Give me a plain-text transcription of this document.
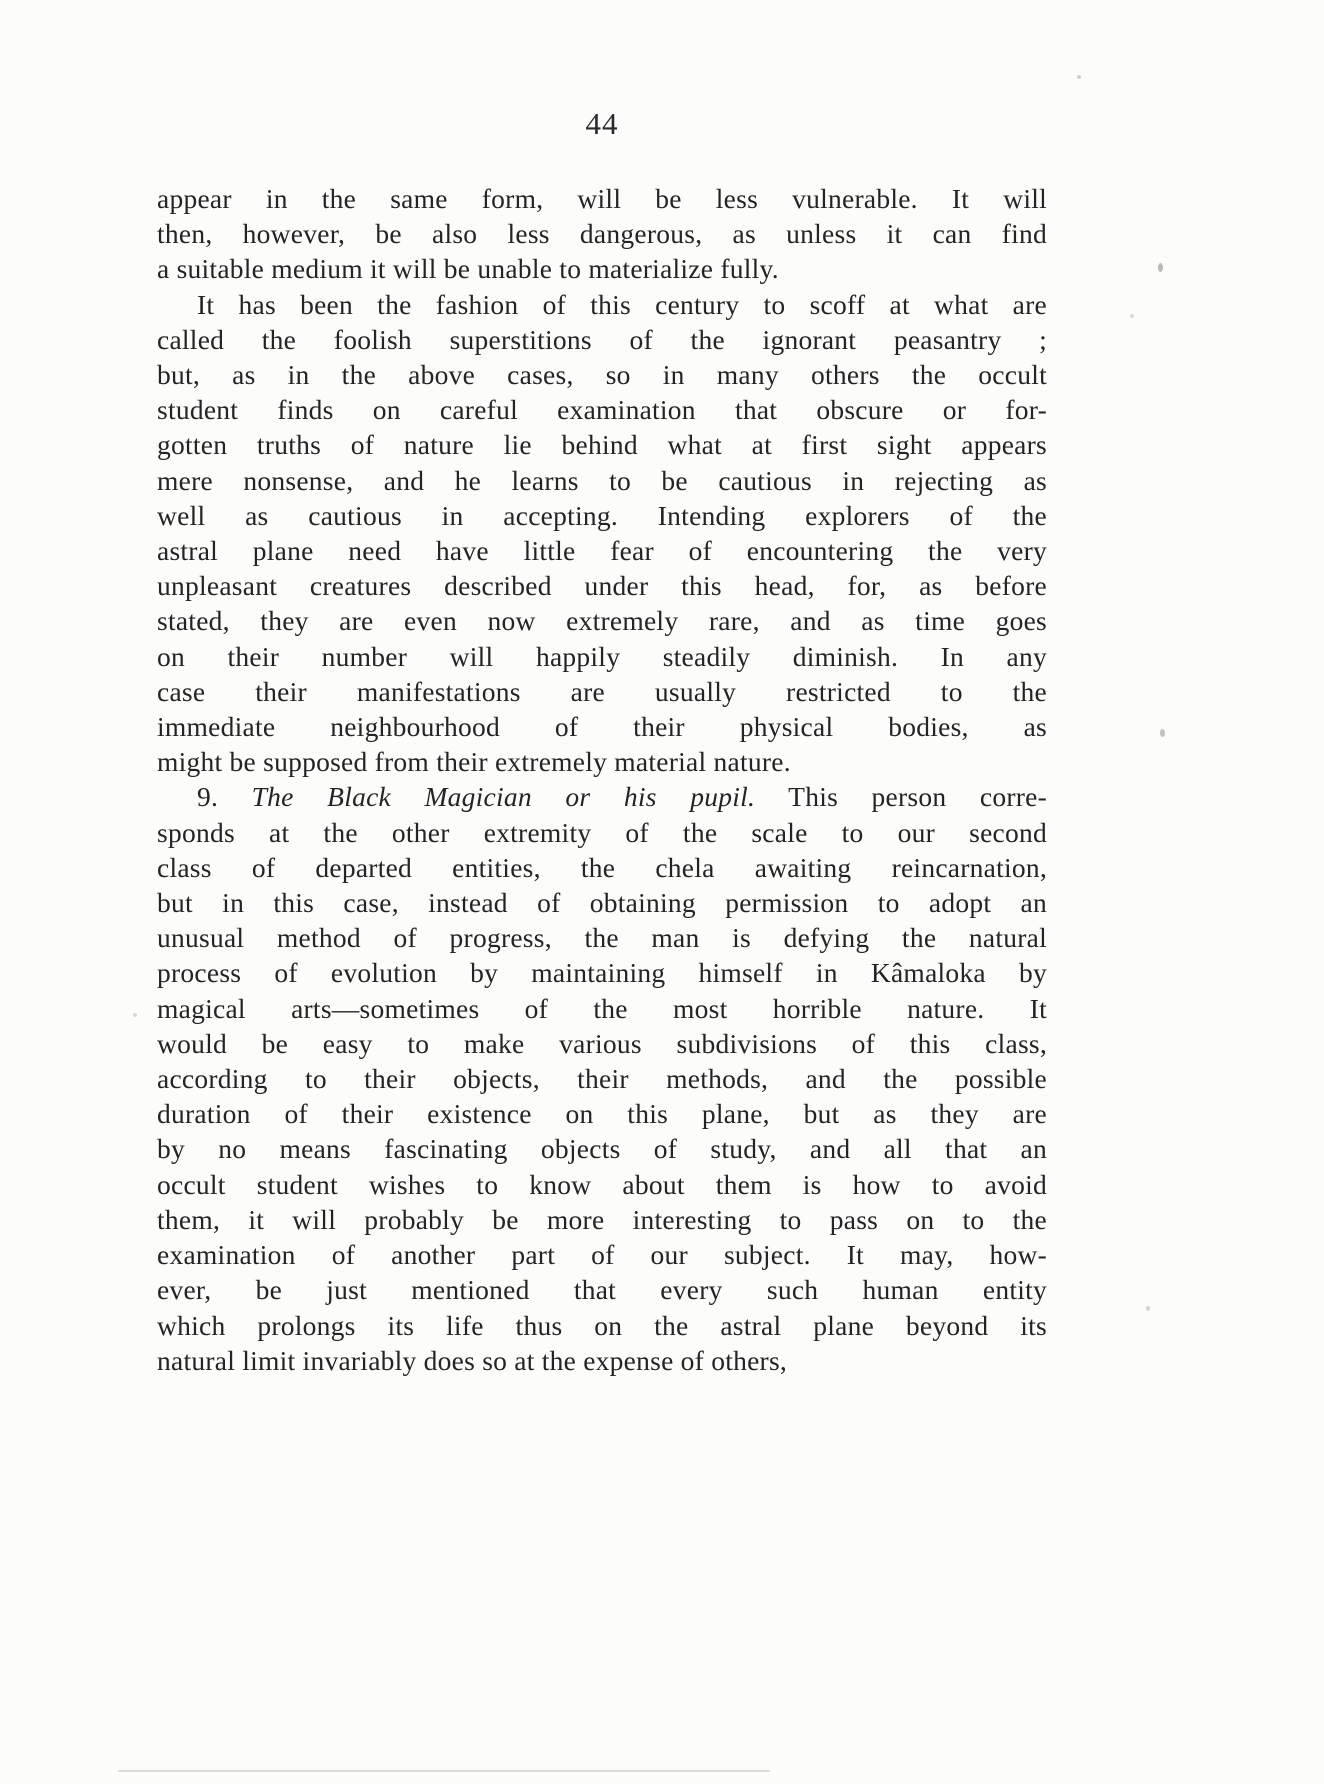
44
appear in the same form, will be less vulnerable. It will
then, however, be also less dangerous, as unless it can find
a suitable medium it will be unable to materialize fully.
It has been the fashion of this century to scoff at what are
called the foolish superstitions of the ignorant peasantry ;
but, as in the above cases, so in many others the occult
student finds on careful examination that obscure or for-
gotten truths of nature lie behind what at first sight appears
mere nonsense, and he learns to be cautious in rejecting as
well as cautious in accepting. Intending explorers of the
astral plane need have little fear of encountering the very
unpleasant creatures described under this head, for, as before
stated, they are even now extremely rare, and as time goes
on their number will happily steadily diminish. In any
case their manifestations are usually restricted to the
immediate neighbourhood of their physical bodies, as
might be supposed from their extremely material nature.
9. The Black Magician or his pupil. This person corre-
sponds at the other extremity of the scale to our second
class of departed entities, the chela awaiting reincarnation,
but in this case, instead of obtaining permission to adopt an
unusual method of progress, the man is defying the natural
process of evolution by maintaining himself in Kâmaloka by
magical arts—sometimes of the most horrible nature. It
would be easy to make various subdivisions of this class,
according to their objects, their methods, and the possible
duration of their existence on this plane, but as they are
by no means fascinating objects of study, and all that an
occult student wishes to know about them is how to avoid
them, it will probably be more interesting to pass on to the
examination of another part of our subject. It may, how-
ever, be just mentioned that every such human entity
which prolongs its life thus on the astral plane beyond its
natural limit invariably does so at the expense of others,
